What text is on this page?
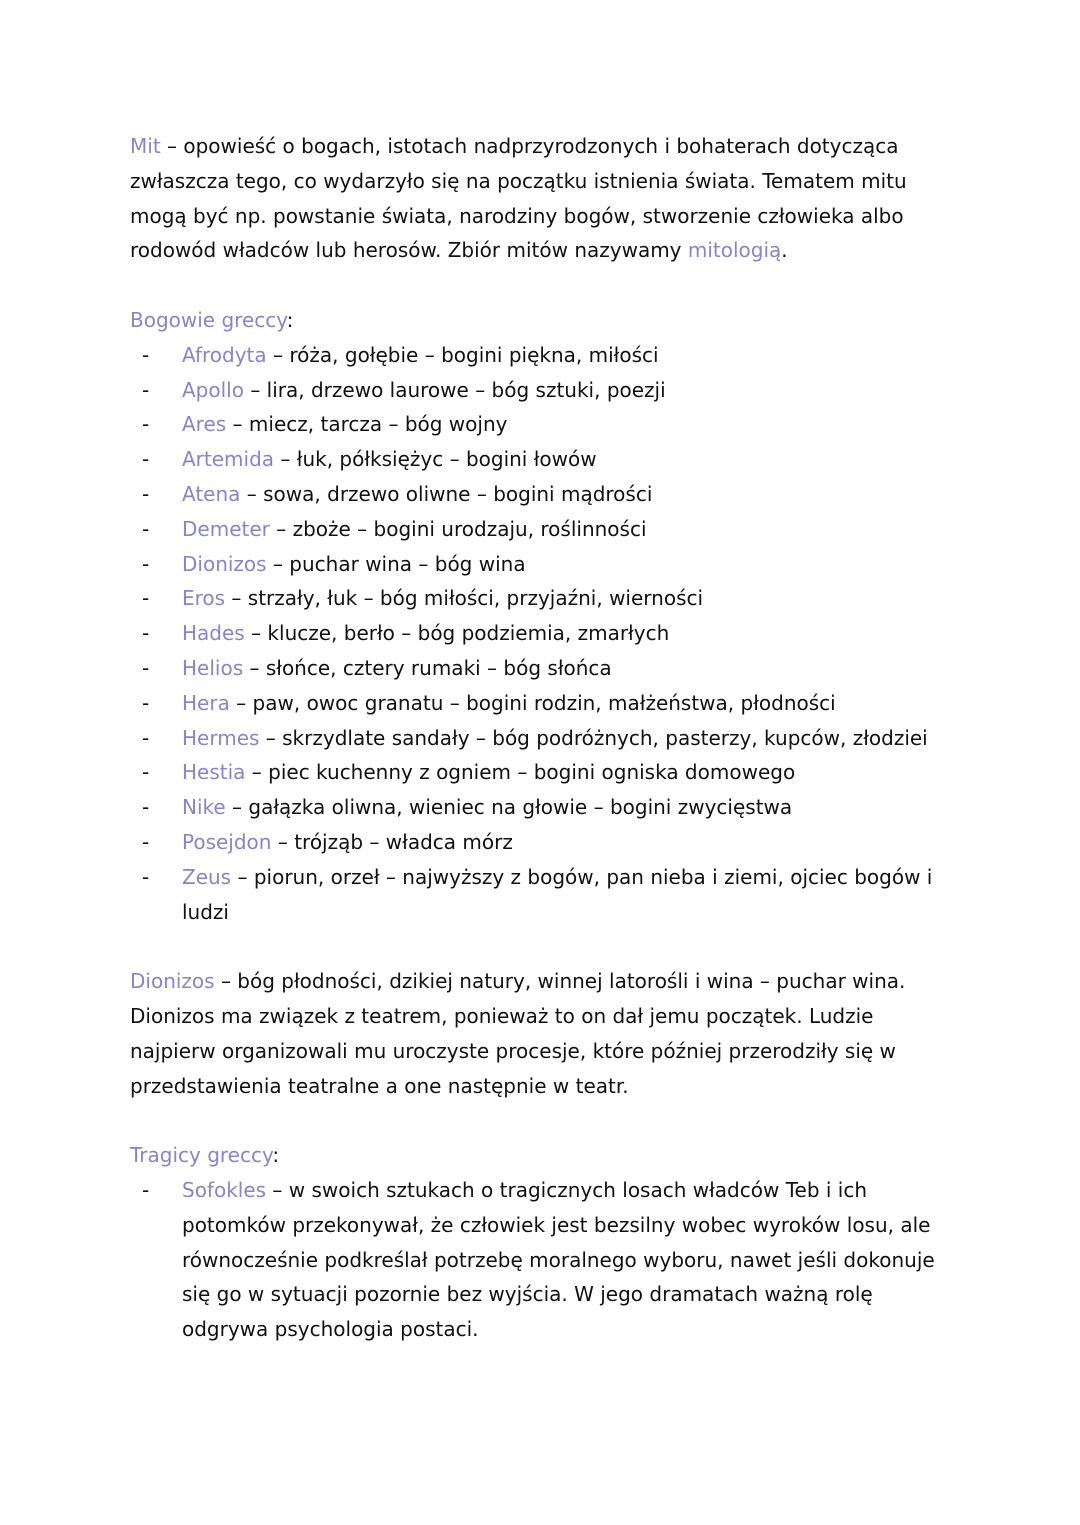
Mit – opowieść o bogach, istotach nadprzyrodzonych i bohaterach dotycząca zwłaszcza tego, co wydarzyło się na początku istnienia świata. Tematem mitu mogą być np. powstanie świata, narodziny bogów, stworzenie człowieka albo rodowód władców lub herosów. Zbiór mitów nazywamy mitologią.

Bogowie greccy:

- Afrodyta – róża, gołębie – bogini piękna, miłości
- Apollo – lira, drzewo laurowe – bóg sztuki, poezji
- Ares – miecz, tarcza – bóg wojny
- Artemida – łuk, półksiężyc – bogini łowów
- Atena – sowa, drzewo oliwne – bogini mądrości
- Demeter – zboże – bogini urodzaju, roślinności
- Dionizos – puchar wina – bóg wina
- Eros – strzały, łuk – bóg miłości, przyjaźni, wierności
- Hades – klucze, berło – bóg podziemia, zmarłych
- Helios – słońce, cztery rumaki – bóg słońca
- Hera – paw, owoc granatu – bogini rodzin, małżeństwa, płodności
- Hermes – skrzydlate sandały – bóg podróżnych, pasterzy, kupców, złodziei
- Hestia – piec kuchenny z ogniem – bogini ogniska domowego
- Nike – gałązka oliwna, wieniec na głowie – bogini zwycięstwa
- Posejdon – trójząb – władca mórz
- Zeus – piorun, orzeł – najwyższy z bogów, pan nieba i ziemi, ojciec bogów i ludzi

Dionizos – bóg płodności, dzikiej natury, winnej latorośli i wina – puchar wina. Dionizos ma związek z teatrem, ponieważ to on dał jemu początek. Ludzie najpierw organizowali mu uroczyste procesje, które później przerodziły się w przedstawienia teatralne a one następnie w teatr.

Tragicy greccy:

- Sofokles – w swoich sztukach o tragicznych losach władców Teb i ich potomków przekonywał, że człowiek jest bezsilny wobec wyroków losu, ale równocześnie podkreślał potrzebę moralnego wyboru, nawet jeśli dokonuje się go w sytuacji pozornie bez wyjścia. W jego dramatach ważną rolę odgrywa psychologia postaci.
